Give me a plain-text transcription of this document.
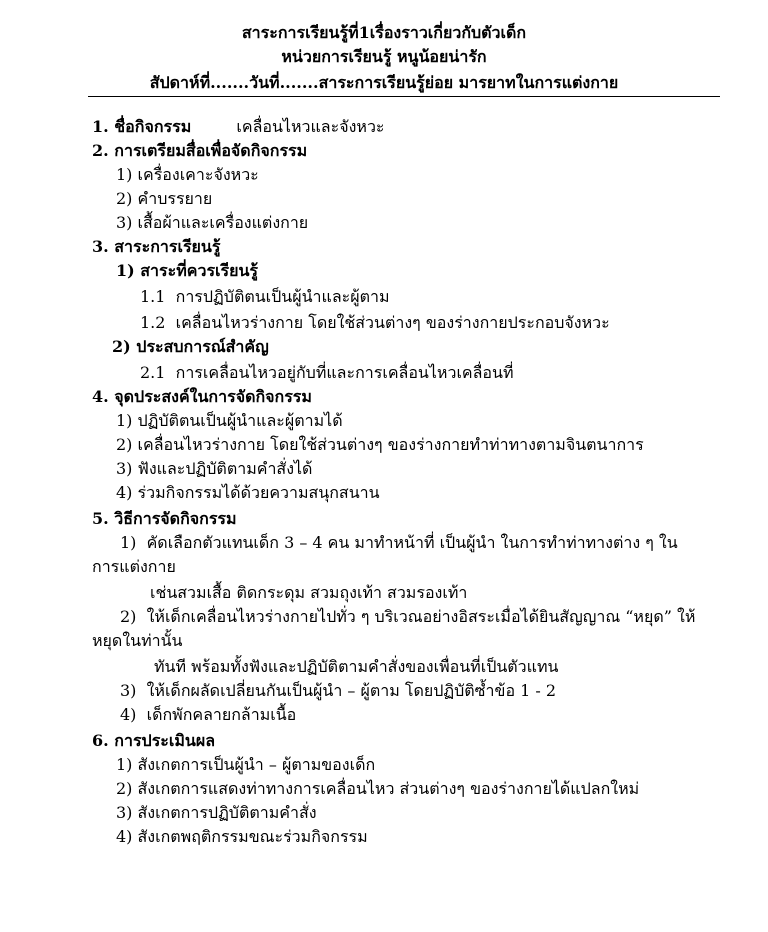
สาระการเรียนรู้ที่1เรื่องราวเกี่ยวกับตัวเด็ก
หน่วยการเรียนรู้ หนูน้อยน่ารัก
สัปดาห์ที่.......วันที่.......สาระการเรียนรู้ย่อย มารยาทในการแต่งกาย
1. ชื่อกิจกรรม	เคลื่อนไหวและจังหวะ
2. การเตรียมสื่อเพื่อจัดกิจกรรม
1) เครื่องเคาะจังหวะ
2) คำบรรยาย
3) เสื้อผ้าและเครื่องแต่งกาย
3. สาระการเรียนรู้
1) สาระที่ควรเรียนรู้
1.1 การปฏิบัติตนเป็นผู้นำและผู้ตาม
1.2 เคลื่อนไหวร่างกาย โดยใช้ส่วนต่างๆ ของร่างกายประกอบจังหวะ
2) ประสบการณ์สำคัญ
2.1 การเคลื่อนไหวอยู่กับที่และการเคลื่อนไหวเคลื่อนที่
4. จุดประสงค์ในการจัดกิจกรรม
1) ปฏิบัติตนเป็นผู้นำและผู้ตามได้
2) เคลื่อนไหวร่างกาย โดยใช้ส่วนต่างๆ ของร่างกายทำท่าทางตามจินตนาการ
3) ฟังและปฏิบัติตามคำสั่งได้
4) ร่วมกิจกรรมได้ด้วยความสนุกสนาน
5. วิธีการจัดกิจกรรม
1) คัดเลือกตัวแทนเด็ก 3 – 4 คน มาทำหน้าที่ เป็นผู้นำ ในการทำท่าทางต่าง ๆ ใน
การแต่งกาย
เช่นสวมเสื้อ ติดกระดุม สวมถุงเท้า สวมรองเท้า
2) ให้เด็กเคลื่อนไหวร่างกายไปทั่ว ๆ บริเวณอย่างอิสระเมื่อได้ยินสัญญาณ “หยุด” ให้
หยุดในท่านั้น
ทันที พร้อมทั้งฟังและปฏิบัติตามคำสั่งของเพื่อนที่เป็นตัวแทน
3) ให้เด็กผลัดเปลี่ยนกันเป็นผู้นำ – ผู้ตาม โดยปฏิบัติซ้ำข้อ 1 - 2
4) เด็กพักคลายกล้ามเนื้อ
6. การประเมินผล
1) สังเกตการเป็นผู้นำ – ผู้ตามของเด็ก
2) สังเกตการแสดงท่าทางการเคลื่อนไหว ส่วนต่างๆ ของร่างกายได้แปลกใหม่
3) สังเกตการปฏิบัติตามคำสั่ง
4) สังเกตพฤติกรรมขณะร่วมกิจกรรม
